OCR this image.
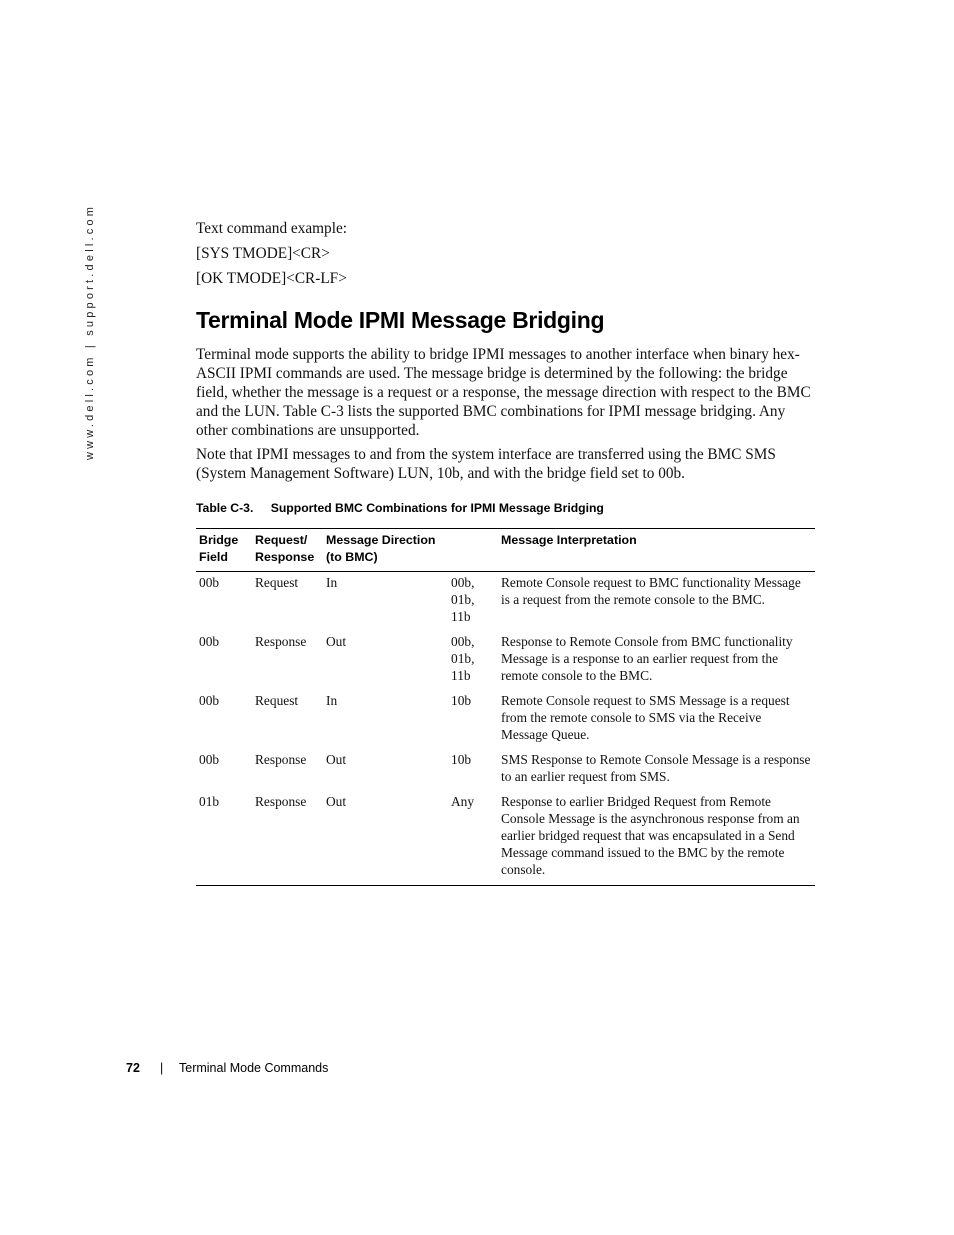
www.dell.com | support.dell.com	Text command example:
[SYS TMODE]<CR>
[OK TMODE]<CR-LF>
Terminal Mode IPMI Message Bridging

Terminal mode supports the ability to bridge IPMI messages to another interface when binary hex-ASCII IPMI commands are used. The message bridge is determined by the following: the bridge field, whether the message is a request or a response, the message direction with respect to the BMC and the LUN. Table C-3 lists the supported BMC combinations for IPMI message bridging. Any other combinations are unsupported.

Note that IPMI messages to and from the system interface are transferred using the BMC SMS (System Management Software) LUN, 10b, and with the bridge field set to 00b.

Table C-3. Supported BMC Combinations for IPMI Message Bridging
Bridge Field	Request/ Response	Message Direction (to BMC)		Message Interpretation
00b	Request	In	00b, 01b, 11b	Remote Console request to BMC functionality Message is a request from the remote console to the BMC.
00b	Response	Out	00b, 01b, 11b	Response to Remote Console from BMC functionality Message is a response to an earlier request from the remote console to the BMC.
00b	Request	In	10b	Remote Console request to SMS Message is a request from the remote console to SMS via the Receive Message Queue.
00b	Response	Out	10b	SMS Response to Remote Console Message is a response to an earlier request from SMS.
01b	Response	Out	Any	Response to earlier Bridged Request from Remote Console Message is the asynchronous response from an earlier bridged request that was encapsulated in a Send Message command issued to the BMC by the remote console.
72 | Terminal Mode Commands
